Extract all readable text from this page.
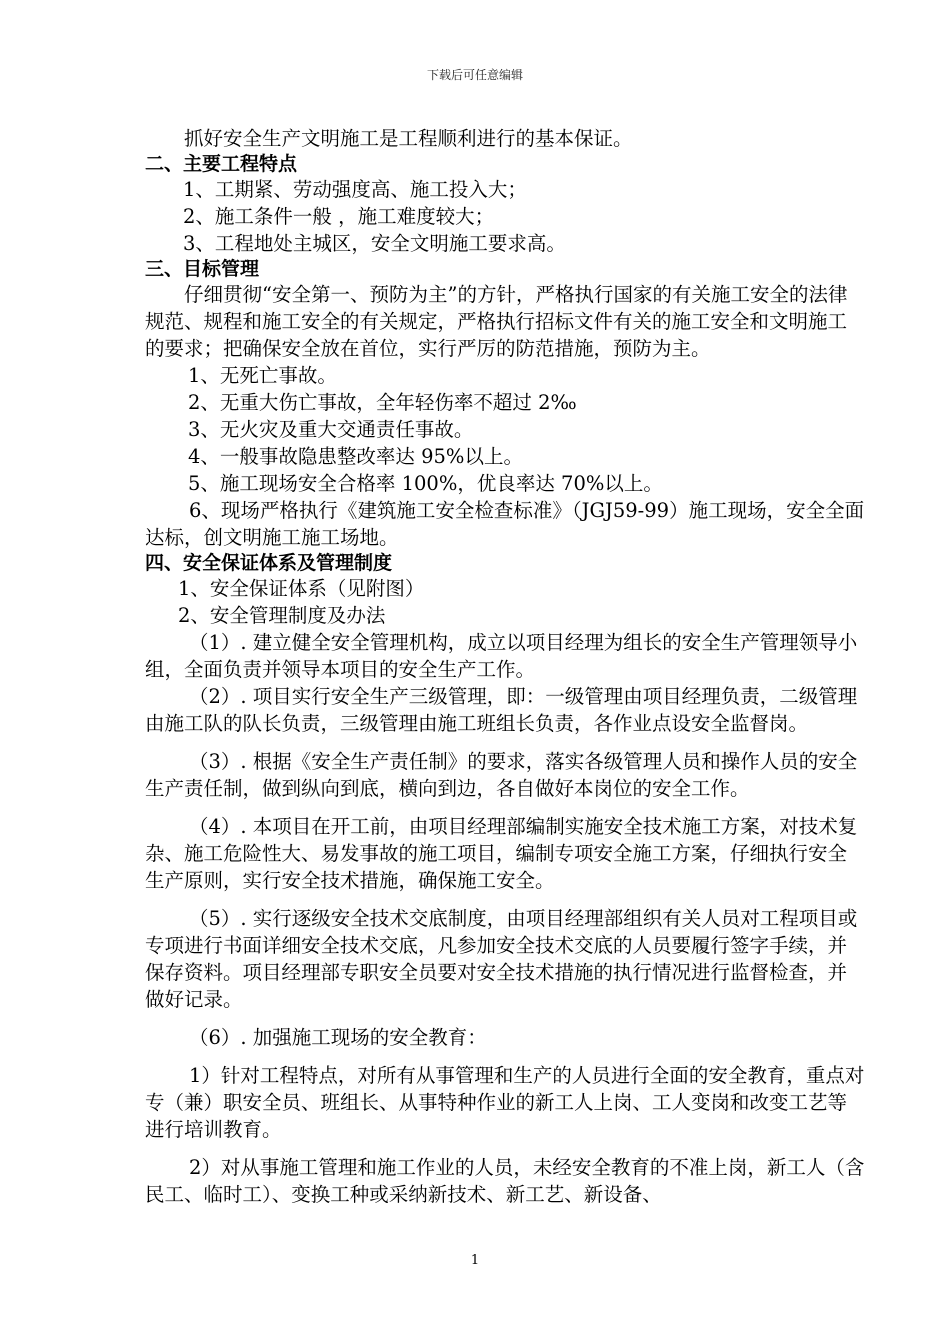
下载后可任意编辑

抓好安全生产文明施工是工程顺利进行的基本保证。

二、主要工程特点

1、工期紧、劳动强度高、施工投入大；

2、施工条件一般 ，施工难度较大；

3、工程地处主城区，安全文明施工要求高。

三、目标管理

仔细贯彻“安全第一、预防为主”的方针，严格执行国家的有关施工安全的法律规范、规程和施工安全的有关规定，严格执行招标文件有关的施工安全和文明施工的要求；把确保安全放在首位，实行严厉的防范措施，预防为主。

1、无死亡事故。

2、无重大伤亡事故，全年轻伤率不超过 2‰

3、无火灾及重大交通责任事故。

4、一般事故隐患整改率达 95%以上。

5、施工现场安全合格率 100%，优良率达 70%以上。

6、现场严格执行《建筑施工安全检查标准》（JGJ59-99）施工现场，安全全面达标，创文明施工施工场地。

四、安全保证体系及管理制度

1、安全保证体系（见附图）

2、安全管理制度及办法

（1）. 建立健全安全管理机构，成立以项目经理为组长的安全生产管理领导小组，全面负责并领导本项目的安全生产工作。

（2）. 项目实行安全生产三级管理，即：一级管理由项目经理负责，二级管理由施工队的队长负责，三级管理由施工班组长负责，各作业点设安全监督岗。

（3）. 根据《安全生产责任制》的要求，落实各级管理人员和操作人员的安全生产责任制，做到纵向到底，横向到边，各自做好本岗位的安全工作。

（4）. 本项目在开工前，由项目经理部编制实施安全技术施工方案，对技术复杂、施工危险性大、易发事故的施工项目，编制专项安全施工方案，仔细执行安全生产原则，实行安全技术措施，确保施工安全。

（5）. 实行逐级安全技术交底制度，由项目经理部组织有关人员对工程项目或专项进行书面详细安全技术交底，凡参加安全技术交底的人员要履行签字手续，并保存资料。项目经理部专职安全员要对安全技术措施的执行情况进行监督检查，并做好记录。

（6）. 加强施工现场的安全教育：

1）针对工程特点，对所有从事管理和生产的人员进行全面的安全教育，重点对专（兼）职安全员、班组长、从事特种作业的新工人上岗、工人变岗和改变工艺等进行培训教育。

2）对从事施工管理和施工作业的人员，未经安全教育的不准上岗，新工人（含民工、临时工）、变换工种或采纳新技术、新工艺、新设备、

1
